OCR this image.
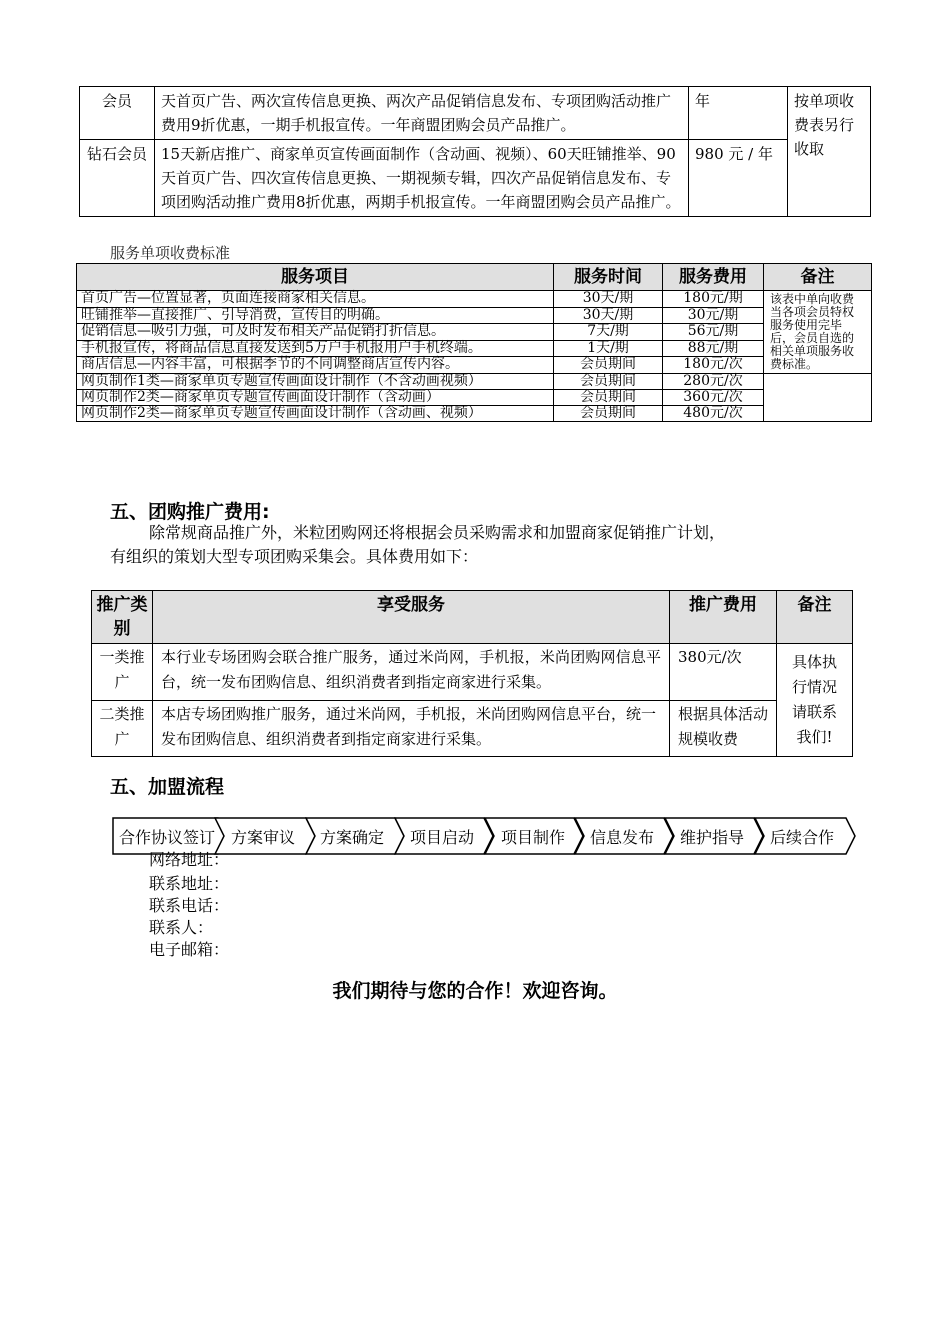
会员	天首页广告、两次宣传信息更换、两次产品促销信息发布、专项团购活动推广费用9折优惠，一期手机报宣传。一年商盟团购会员产品推广。	年	按单项收费表另行收取
钻石会员	15天新店推广、商家单页宣传画面制作（含动画、视频）、60天旺铺推举、90天首页广告、四次宣传信息更换、一期视频专辑，四次产品促销信息发布、专项团购活动推广费用8折优惠，两期手机报宣传。一年商盟团购会员产品推广。	980 元 / 年	
服务单项收费标准
服务项目	服务时间	服务费用	备注
首页广告—位置显著，页面连接商家相关信息。	30天/期	180元/期	该表中单向收费当各项会员特权服务使用完毕后，会员自选的相关单项服务收费标准。
旺铺推举—直接推广、引导消费，宣传目的明确。	30天/期	30元/期	
促销信息—吸引力强，可及时发布相关产品促销打折信息。	7天/期	56元/期	
手机报宣传，将商品信息直接发送到5万户手机报用户手机终端。	1天/期	88元/期	
商店信息—内容丰富，可根据季节的不同调整商店宣传内容。	会员期间	180元/次	
网页制作1类—商家单页专题宣传画面设计制作（不含动画视频）	会员期间	280元/次	
网页制作2类—商家单页专题宣传画面设计制作（含动画）	会员期间	360元/次	
网页制作2类—商家单页专题宣传画面设计制作（含动画、视频）	会员期间	480元/次	
五、团购推广费用:
除常规商品推广外，米粒团购网还将根据会员采购需求和加盟商家促销推广计划，
有组织的策划大型专项团购采集会。具体费用如下：
推广类别	享受服务	推广费用	备注
一类推广	本行业专场团购会联合推广服务，通过米尚网，手机报，米尚团购网信息平台，统一发布团购信息、组织消费者到指定商家进行采集。	380元/次	具体执行情况请联系我们!
二类推广	本店专场团购推广服务，通过米尚网，手机报，米尚团购网信息平台，统一发布团购信息、组织消费者到指定商家进行采集。	根据具体活动规模收费	
五、加盟流程
合作协议签订 方案审议 方案确定 项目启动 项目制作 信息发布 维护指导 后续合作
网络地址：
联系地址：
联系电话：
联系人：
电子邮箱：
我们期待与您的合作！欢迎咨询。
